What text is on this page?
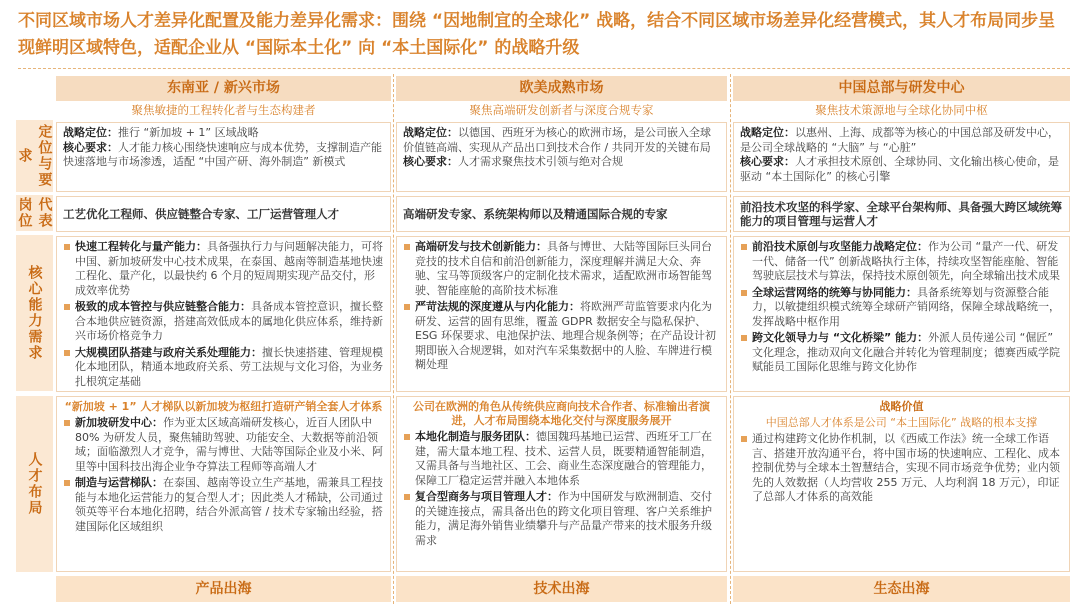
不同区域市场人才差异化配置及能力差异化需求：围绕 “因地制宜的全球化” 战略，结合不同区域市场差异化经营模式，其人才布局同步呈现鲜明区域特色，适配企业从 “国际本土化” 向 “本土国际化” 的战略升级
定位与要求
代表岗位
核心能力需求
人才布局
东南亚 / 新兴市场
聚焦敏捷的工程转化者与生态构建者
战略定位：推行 “新加坡 + 1” 区域战略
核心要求：人才能力核心围绕快速响应与成本优势，支撑制造产能快速落地与市场渗透，适配 “中国产研、海外制造” 新模式
工艺优化工程师、供应链整合专家、工厂运营管理人才
快速工程转化与量产能力：具备强执行力与问题解决能力，可将中国、新加坡研发中心技术成果，在泰国、越南等制造基地快速工程化、量产化，以最快约 6 个月的短周期实现产品交付，形成效率优势
极致的成本管控与供应链整合能力：具备成本管控意识，擅长整合本地供应链资源，搭建高效低成本的属地化供应体系，维持新兴市场价格竞争力
大规模团队搭建与政府关系处理能力：擅长快速搭建、管理规模化本地团队，精通本地政府关系、劳工法规与文化习俗，为业务扎根筑定基础
“新加坡 + 1” 人才梯队以新加坡为枢纽打造研产销全套人才体系
新加坡研发中心：作为亚太区域高端研发核心，近百人团队中 80% 为研发人员，聚焦辅助驾驶、功能安全、大数据等前沿领域；面临激烈人才竞争，需与博世、大陆等国际企业及小米、阿里等中国科技出海企业争夺算法工程师等高端人才
制造与运营梯队：在泰国、越南等设立生产基地，需兼具工程技能与本地化运营能力的复合型人才；因此类人才稀缺，公司通过领英等平台本地化招聘，结合外派高管 / 技术专家输出经验，搭建国际化区域组织
产品出海
欧美成熟市场
聚焦高端研发创新者与深度合规专家
战略定位：以德国、西班牙为核心的欧洲市场，是公司嵌入全球价值链高端、实现从产品出口到技术合作 / 共同开发的关键布局
核心要求：人才需求聚焦技术引领与绝对合规
高端研发专家、系统架构师以及精通国际合规的专家
高端研发与技术创新能力：具备与博世、大陆等国际巨头同台竞技的技术自信和前沿创新能力，深度理解并满足大众、奔驰、宝马等顶级客户的定制化技术需求，适配欧洲市场智能驾驶、智能座舱的高阶技术标准
严苛法规的深度遵从与内化能力：将欧洲严苛监管要求内化为研发、运营的固有思维，覆盖 GDPR 数据安全与隐私保护、ESG 环保要求、电池保护法、地理合规条例等；在产品设计初期即嵌入合规逻辑，如对汽车采集数据中的人脸、车牌进行模糊处理
公司在欧洲的角色从传统供应商向技术合作者、标准输出者演进，人才布局围绕本地化交付与深度服务展开
本地化制造与服务团队：德国魏玛基地已运营、西班牙工厂在建，需大量本地工程、技术、运营人员，既要精通智能制造，又需具备与当地社区、工会、商业生态深度融合的管理能力，保障工厂稳定运营并融入本地体系
复合型商务与项目管理人才：作为中国研发与欧洲制造、交付的关键连接点，需具备出色的跨文化项目管理、客户关系维护能力，满足海外销售业绩攀升与产品量产带来的技术服务升级需求
技术出海
中国总部与研发中心
聚焦技术策源地与全球化协同中枢
战略定位：以惠州、上海、成都等为核心的中国总部及研发中心，是公司全球战略的 “大脑” 与 “心脏”
核心要求：人才承担技术原创、全球协同、文化输出核心使命，是驱动 “本土国际化” 的核心引擎
前沿技术攻坚的科学家、全球平台架构师、具备强大跨区域统筹能力的项目管理与运营人才
前沿技术原创与攻坚能力战略定位：作为公司 “量产一代、研发一代、储备一代” 创新战略执行主体，持续攻坚智能座舱、智能驾驶底层技术与算法，保持技术原创领先，向全球输出技术成果
全球运营网络的统筹与协同能力：具备系统筹划与资源整合能力，以敏捷组织模式统筹全球研产销网络，保障全球战略统一，发挥战略中枢作用
跨文化领导力与 “文化桥梁” 能力：外派人员传递公司 “倔匠” 文化理念，推动双向文化融合并转化为管理制度；德赛西威学院赋能员工国际化思维与跨文化协作
战略价值
中国总部人才体系是公司 “本土国际化” 战略的根本支撑
通过构建跨文化协作机制，以《西威工作法》统一全球工作语言、搭建开放沟通平台，将中国市场的快速响应、工程化、成本控制优势与全球本土智慧结合，实现不同市场竞争优势；业内领先的人效数据（人均营收 255 万元、人均利润 18 万元），印证了总部人才体系的高效能
生态出海
